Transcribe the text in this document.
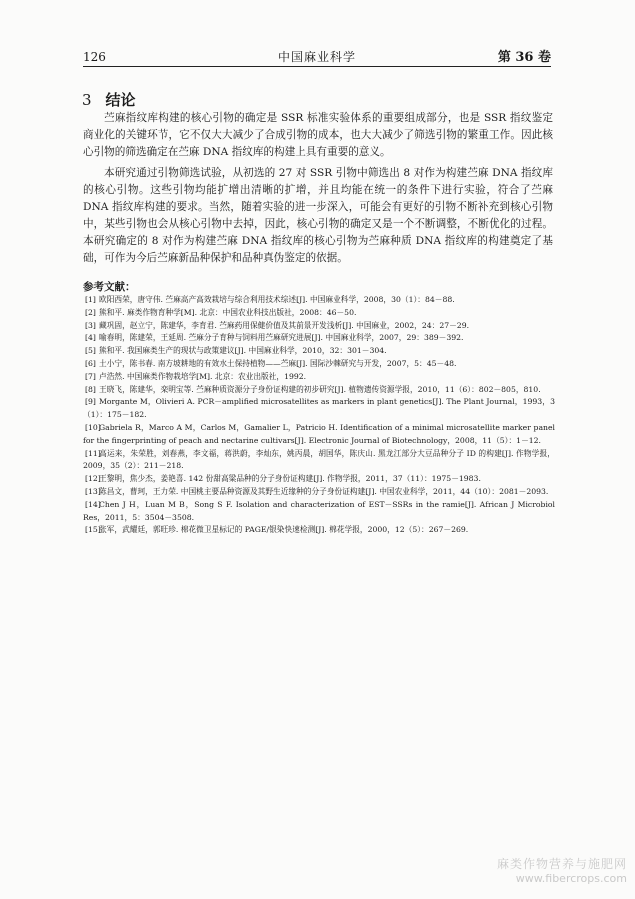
126	中国麻业科学	第 36 卷
3 结论

苎麻指纹库构建的核心引物的确定是 SSR 标准实验体系的重要组成部分，也是 SSR 指纹鉴定商业化的关键环节，它不仅大大减少了合成引物的成本，也大大减少了筛选引物的繁重工作。因此核心引物的筛选确定在苎麻 DNA 指纹库的构建上具有重要的意义。

本研究通过引物筛选试验，从初选的 27 对 SSR 引物中筛选出 8 对作为构建苎麻 DNA 指纹库的核心引物。这些引物均能扩增出清晰的扩增，并且均能在统一的条件下进行实验，符合了苎麻 DNA 指纹库构建的要求。当然，随着实验的进一步深入，可能会有更好的引物不断补充到核心引物中，某些引物也会从核心引物中去掉，因此，核心引物的确定又是一个不断调整，不断优化的过程。本研究确定的 8 对作为构建苎麻 DNA 指纹库的核心引物为苎麻种质 DNA 指纹库的构建奠定了基础，可作为今后苎麻新品种保护和品种真伪鉴定的依据。

参考文献：
[1] 欧阳西荣，唐守伟. 苎麻高产高效栽培与综合利用技术综述[J]. 中国麻业科学，2008，30（1）：84－88.
[2] 熊和平. 麻类作物育种学[M]. 北京：中国农业科技出版社，2008：46－50.
[3] 藏巩固，赵立宁，陈建华，李育君. 苎麻药用保健价值及其前景开发浅析[J]. 中国麻业，2002，24：27－29.
[4] 喻春明，陈建荣，王延周. 苎麻分子育种与饲料用苎麻研究进展[J]. 中国麻业科学，2007，29：389－392.
[5] 熊和平. 我国麻类生产的现状与政策建议[J]. 中国麻业科学，2010，32：301－304.
[6] 土小宁，陈书春. 南方坡耕地的有效水土保持植物——苎麻[J]. 国际沙棘研究与开发，2007，5：45－48.
[7] 卢浩然. 中国麻类作物栽培学[M]. 北京：农业出版社，1992.
[8] 王晓飞，陈建华，栾明宝等. 苎麻种质资源分子身份证构建的初步研究[J]. 植物遗传资源学报，2010，11（6）：802－805，810.
[9] Morgante M，Olivieri A. PCR－amplified microsatellites as markers in plant genetics[J]. The Plant Journal，1993，3（1）：175－182.
[10]Gabriela R，Marco A M，Carlos M，Gamalier L，Patricio H. Identification of a minimal microsatellite marker panel for the fingerprinting of peach and nectarine cultivars[J]. Electronic Journal of Biotechnology，2008，11（5）：1－12.
[11]高运来，朱荣胜，刘春燕，李文福，蒋洪蔚，李灿东，姚丙晨，胡国华，陈庆山. 黑龙江部分大豆品种分子 ID 的构建[J]. 作物学报，2009，35（2）：211－218.
[12]王黎明，焦少杰，姜艳喜. 142 份甜高粱品种的分子身份证构建[J]. 作物学报，2011，37（11）：1975－1983.
[13]陈昌文，曹珂，王力荣. 中国桃主要品种资源及其野生近缘种的分子身份证构建[J]. 中国农业科学，2011，44（10）：2081－2093.
[14]Chen J H，Luan M B，Song S F. Isolation and characterization of EST－SSRs in the ramie[J]. African J Microbiol Res，2011，5：3504－3508.
[15]张军，武耀廷，郭旺珍. 棉花微卫星标记的 PAGE/银染快速检测[J]. 棉花学报，2000，12（5）：267－269.
麻类作物营养与施肥网
www.fibercrops.com
